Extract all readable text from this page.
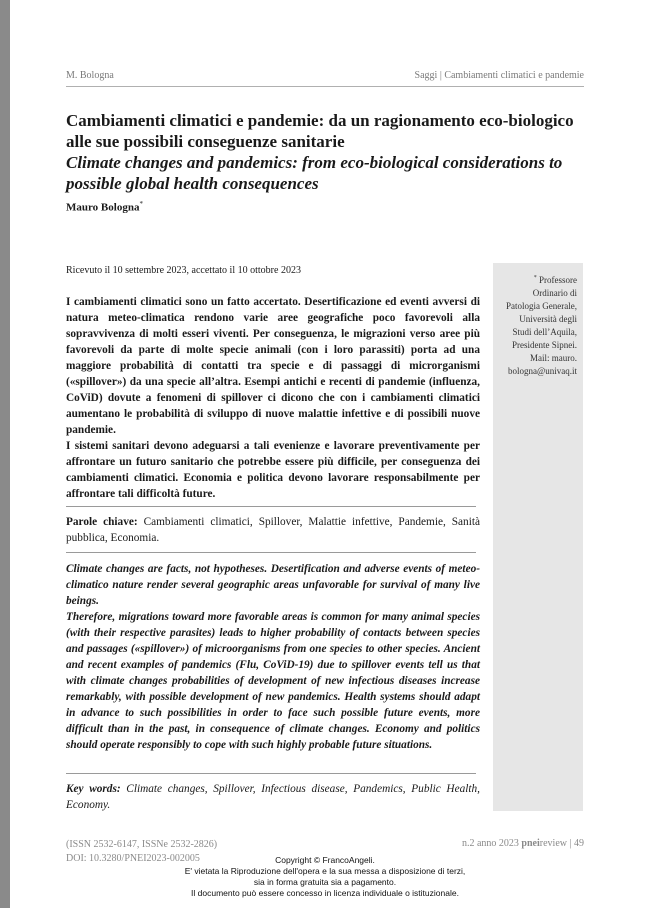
M. Bologna	Saggi | Cambiamenti climatici e pandemie
Cambiamenti climatici e pandemie: da un ragionamento eco-biologico alle sue possibili conseguenze sanitarie
Climate changes and pandemics: from eco-biological considerations to possible global health consequences
Mauro Bologna*
Ricevuto il 10 settembre 2023, accettato il 10 ottobre 2023
* Professore
Ordinario di
Patologia Generale,
Università degli
Studi dell’Aquila,
Presidente Sipnei.
Mail: mauro.
bologna@univaq.it

I cambiamenti climatici sono un fatto accertato. Desertificazione ed eventi avversi di natura meteo-climatica rendono varie aree geografiche poco favorevoli alla sopravvivenza di molti esseri viventi. Per conseguenza, le migrazioni verso aree più favorevoli da parte di molte specie animali (con i loro parassiti) porta ad una maggiore probabilità di contatti tra specie e di passaggi di microrganismi («spillover») da una specie all’altra. Esempi antichi e recenti di pandemie (influenza, CoViD) dovute a fenomeni di spillover ci dicono che con i cambiamenti climatici aumentano le probabilità di sviluppo di nuove malattie infettive e di possibili nuove pandemie.

I sistemi sanitari devono adeguarsi a tali evenienze e lavorare preventivamente per affrontare un futuro sanitario che potrebbe essere più difficile, per conseguenza dei cambiamenti climatici. Economia e politica devono lavorare responsabilmente per affrontare tali difficoltà future.

Parole chiave: Cambiamenti climatici, Spillover, Malattie infettive, Pandemie, Sanità pubblica, Economia.

Climate changes are facts, not hypotheses. Desertification and adverse events of meteo-climatico nature render several geographic areas unfavorable for survival of many live beings.

Therefore, migrations toward more favorable areas is common for many animal species (with their respective parasites) leads to higher probability of contacts between species and passages («spillover») of microorganisms from one species to other species. Ancient and recent examples of pandemics (Flu, CoViD-19) due to spillover events tell us that with climate changes probabilities of development of new infectious diseases increase remarkably, with possible development of new pandemics. Health systems should adapt in advance to such possibilities in order to face such possible future events, more difficult than in the past, in consequence of climate changes. Economy and politics should operate responsibly to cope with such highly probable future situations.

Key words: Climate changes, Spillover, Infectious disease, Pandemics, Public Health, Economy.
(ISSN 2532-6147, ISSNe 2532-2826)
DOI: 10.3280/PNEI2023-002005
n.2 anno 2023 pneireview | 49
Copyright © FrancoAngeli.
E' vietata la Riproduzione dell'opera e la sua messa a disposizione di terzi,
sia in forma gratuita sia a pagamento.
Il documento può essere concesso in licenza individuale o istituzionale.
